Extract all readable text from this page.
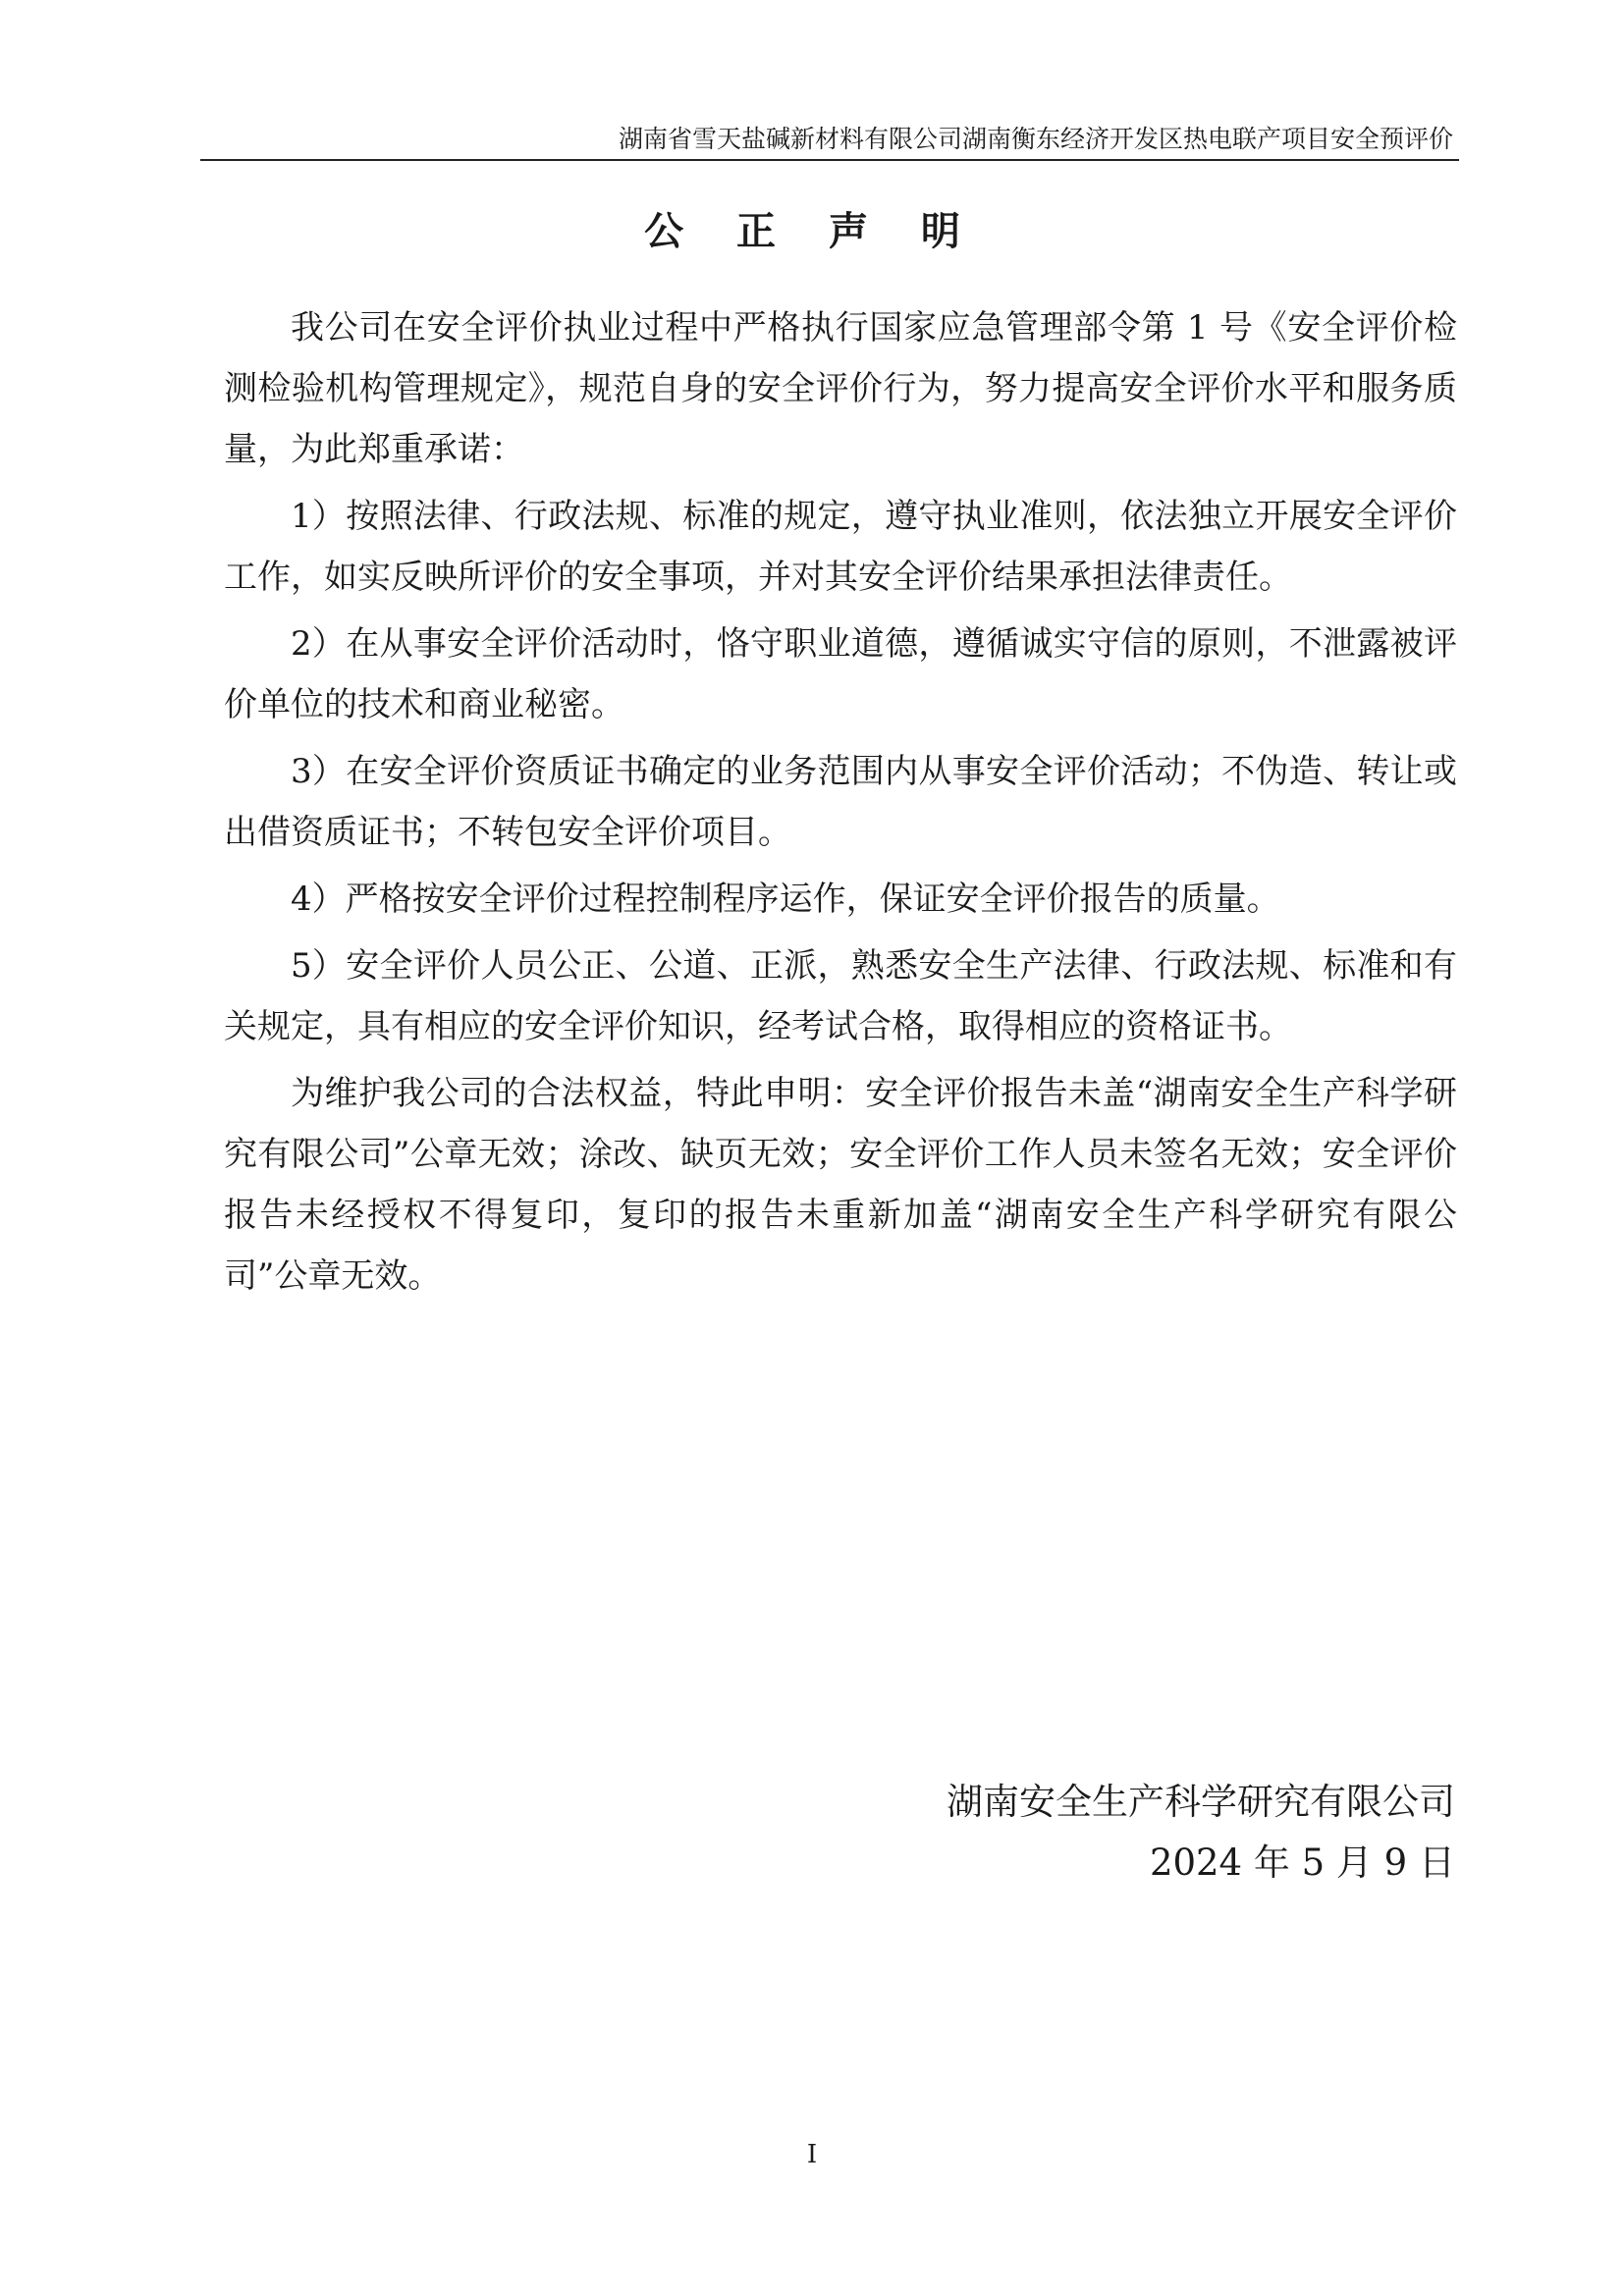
湖南省雪天盐碱新材料有限公司湖南衡东经济开发区热电联产项目安全预评价
公 正 声 明

我公司在安全评价执业过程中严格执行国家应急管理部令第 1 号《安全评价检测检验机构管理规定》，规范自身的安全评价行为，努力提高安全评价水平和服务质量，为此郑重承诺：

1）按照法律、行政法规、标准的规定，遵守执业准则，依法独立开展安全评价工作，如实反映所评价的安全事项，并对其安全评价结果承担法律责任。

2）在从事安全评价活动时，恪守职业道德，遵循诚实守信的原则，不泄露被评价单位的技术和商业秘密。

3）在安全评价资质证书确定的业务范围内从事安全评价活动；不伪造、转让或出借资质证书；不转包安全评价项目。

4）严格按安全评价过程控制程序运作，保证安全评价报告的质量。

5）安全评价人员公正、公道、正派，熟悉安全生产法律、行政法规、标准和有关规定，具有相应的安全评价知识，经考试合格，取得相应的资格证书。

为维护我公司的合法权益，特此申明：安全评价报告未盖“湖南安全生产科学研究有限公司”公章无效；涂改、缺页无效；安全评价工作人员未签名无效；安全评价报告未经授权不得复印，复印的报告未重新加盖“湖南安全生产科学研究有限公司”公章无效。

湖南安全生产科学研究有限公司
2024 年 5 月 9 日
I
